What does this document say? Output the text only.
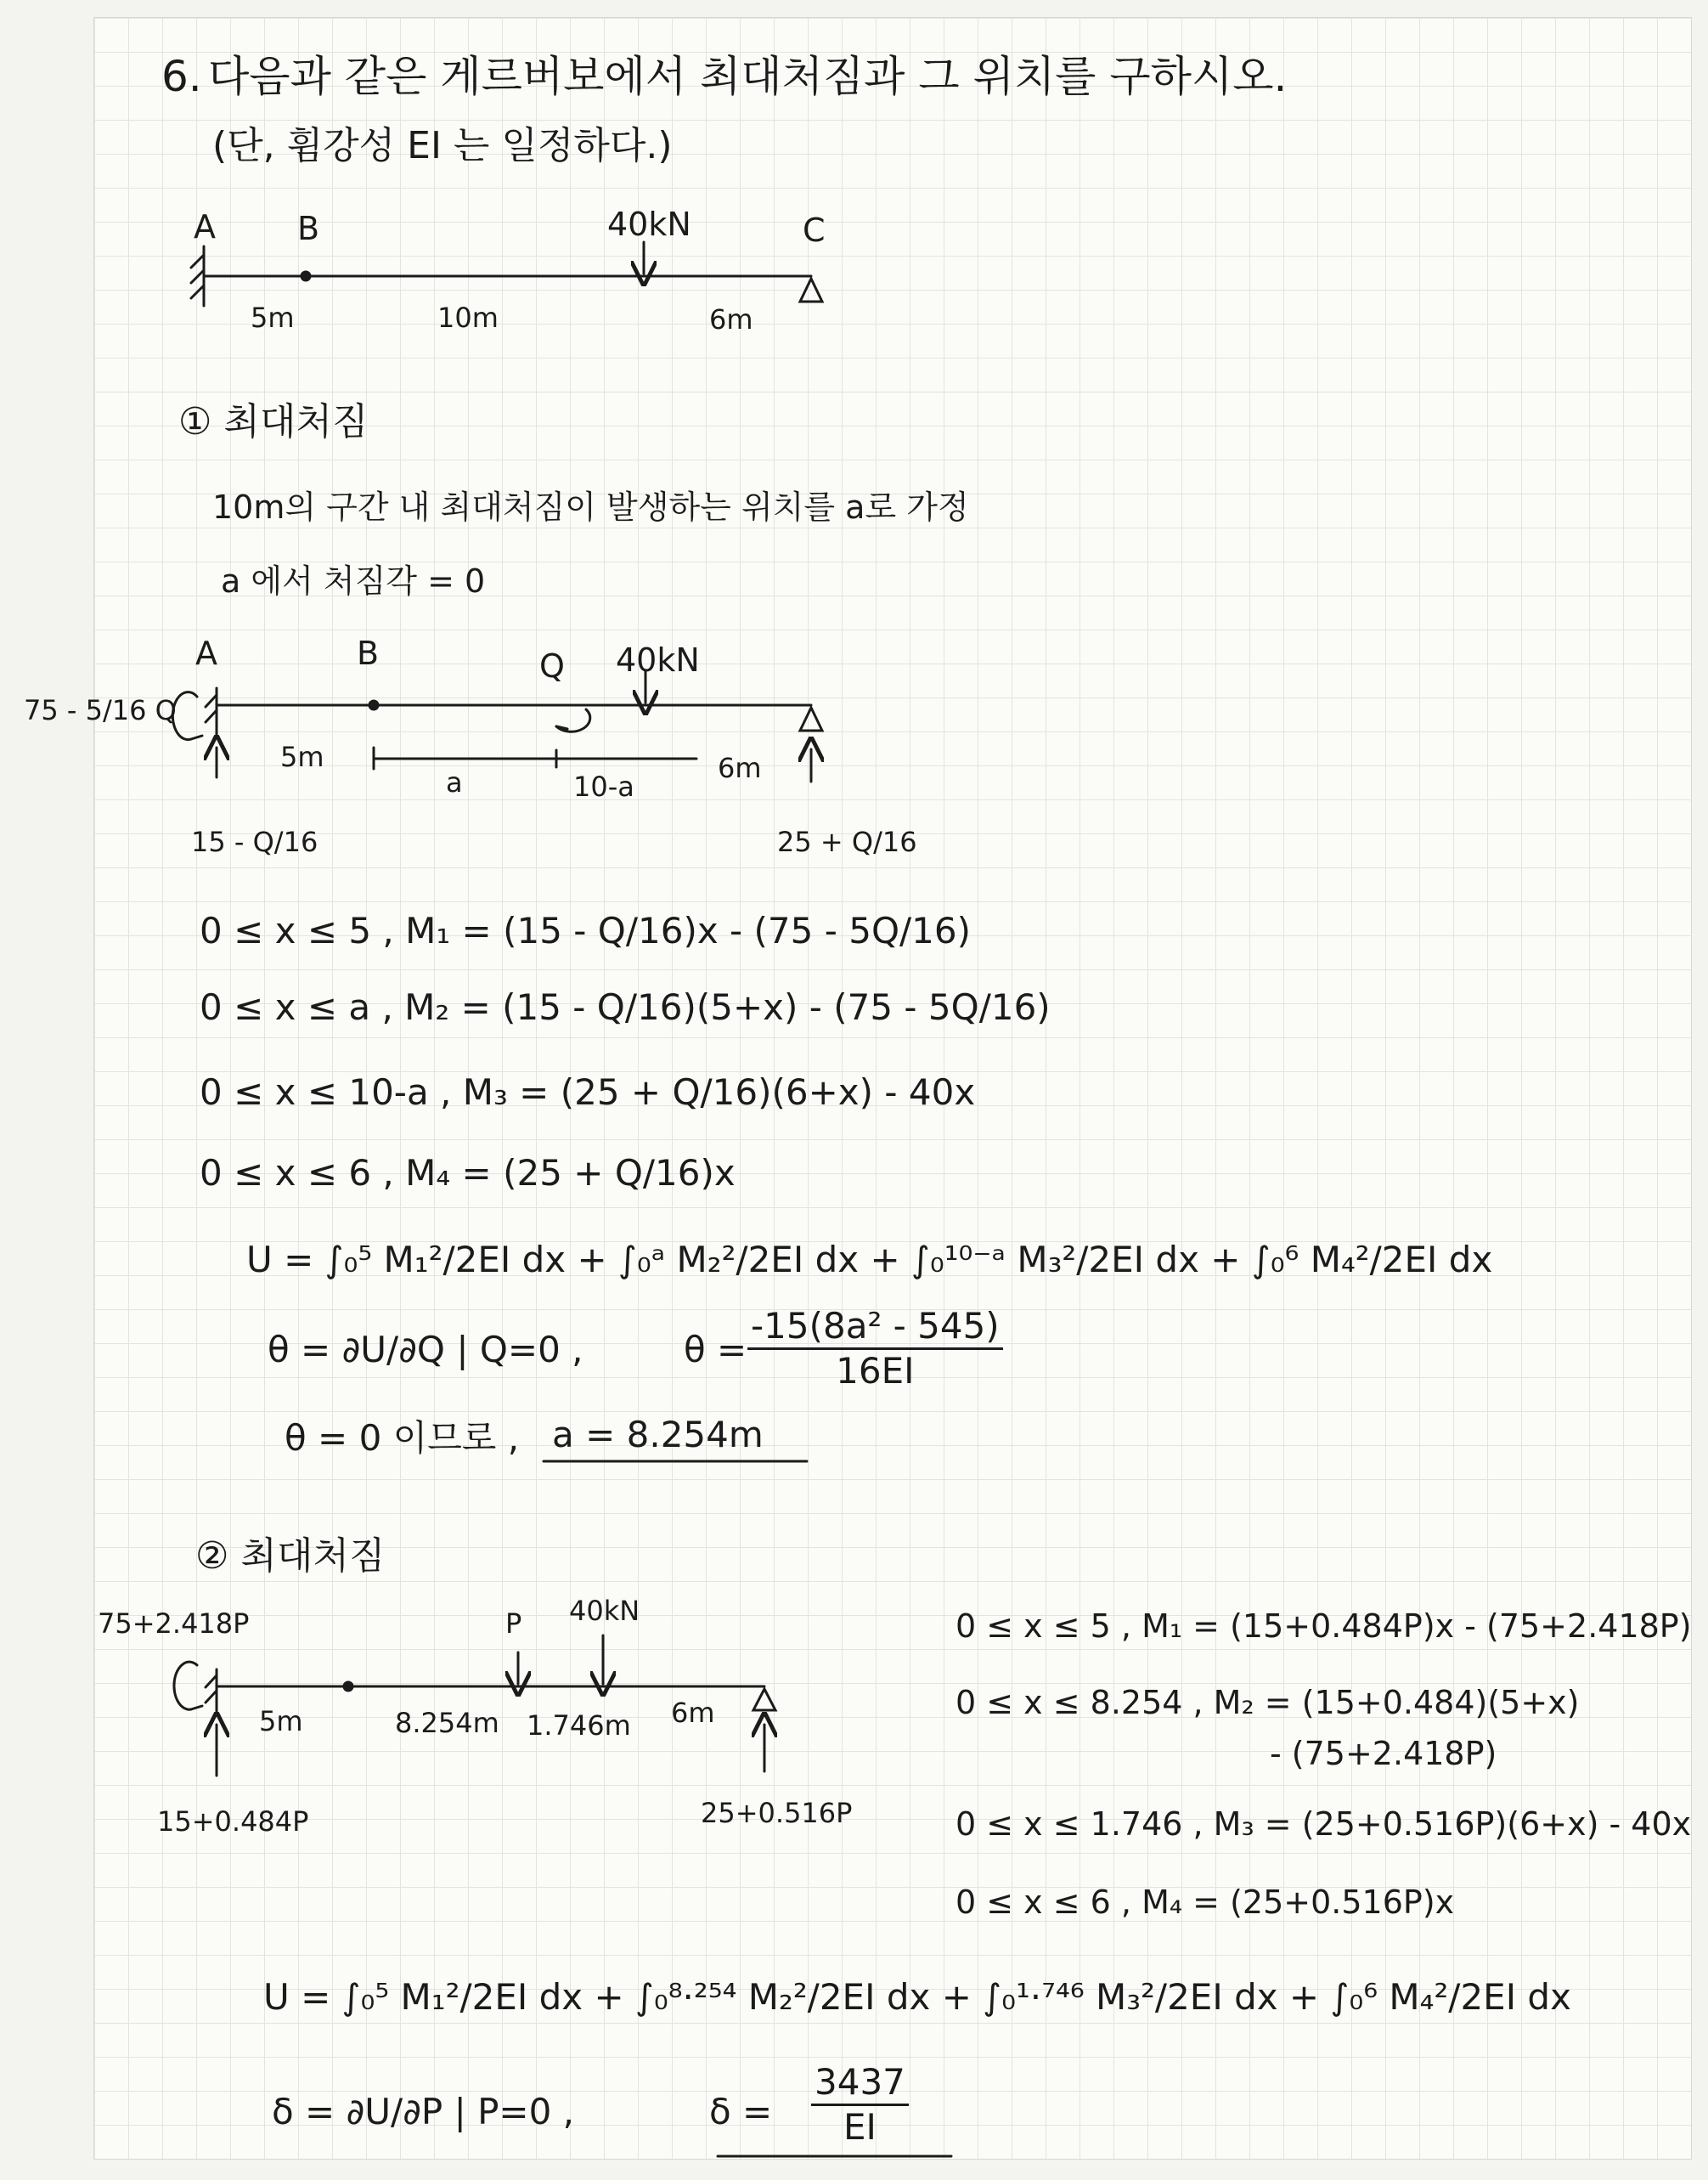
6. 다음과 같은 게르버보에서 최대처짐과 그 위치를 구하시오.
(단, 휨강성 EI 는 일정하다.)
A	B	40kN	C
5m	10m	6m
① 최대처짐
10m의 구간 내 최대처짐이 발생하는 위치를 a로 가정
a 에서 처짐각 = 0
A	B	Q 40kN
75 - 5/16 Q
5m
a	10-a
6m
15 - Q/16	25 + Q/16
0 ≤ x ≤ 5 , M₁ = (15 - Q/16)x - (75 - 5Q/16)
0 ≤ x ≤ a , M₂ = (15 - Q/16)(5+x) - (75 - 5Q/16)
0 ≤ x ≤ 10-a , M₃ = (25 + Q/16)(6+x) - 40x
0 ≤ x ≤ 6 , M₄ = (25 + Q/16)x
U = ∫₀⁵ M₁²/2EI dx + ∫₀ᵃ M₂²/2EI dx + ∫₀¹⁰⁻ᵃ M₃²/2EI dx + ∫₀⁶ M₄²/2EI dx
θ = ∂U/∂Q | Q=0 ,	$\theta = \frac{\text{-15(8a² - 545)}}{16EI}$
θ = 0 이므로 , a = 8.254m
② 최대처짐
75+2.418P	P 40kN
5m	8.254m 1.746m 6m
15+0.484P	25+0.516P
0 ≤ x ≤ 5 , M₁ = (15+0.484P)x - (75+2.418P)
0 ≤ x ≤ 8.254 , M₂ = (15+0.484)(5+x)
- (75+2.418P)
0 ≤ x ≤ 1.746 , M₃ = (25+0.516P)(6+x) - 40x
0 ≤ x ≤ 6 , M₄ = (25+0.516P)x
U = ∫₀⁵ M₁²/2EI dx + ∫₀⁸·²⁵⁴ M₂²/2EI dx + ∫₀¹·⁷⁴⁶ M₃²/2EI dx + ∫₀⁶ M₄²/2EI dx
δ = ∂U/∂P | P=0 ,	$\delta = \frac{3437}{EI}$
